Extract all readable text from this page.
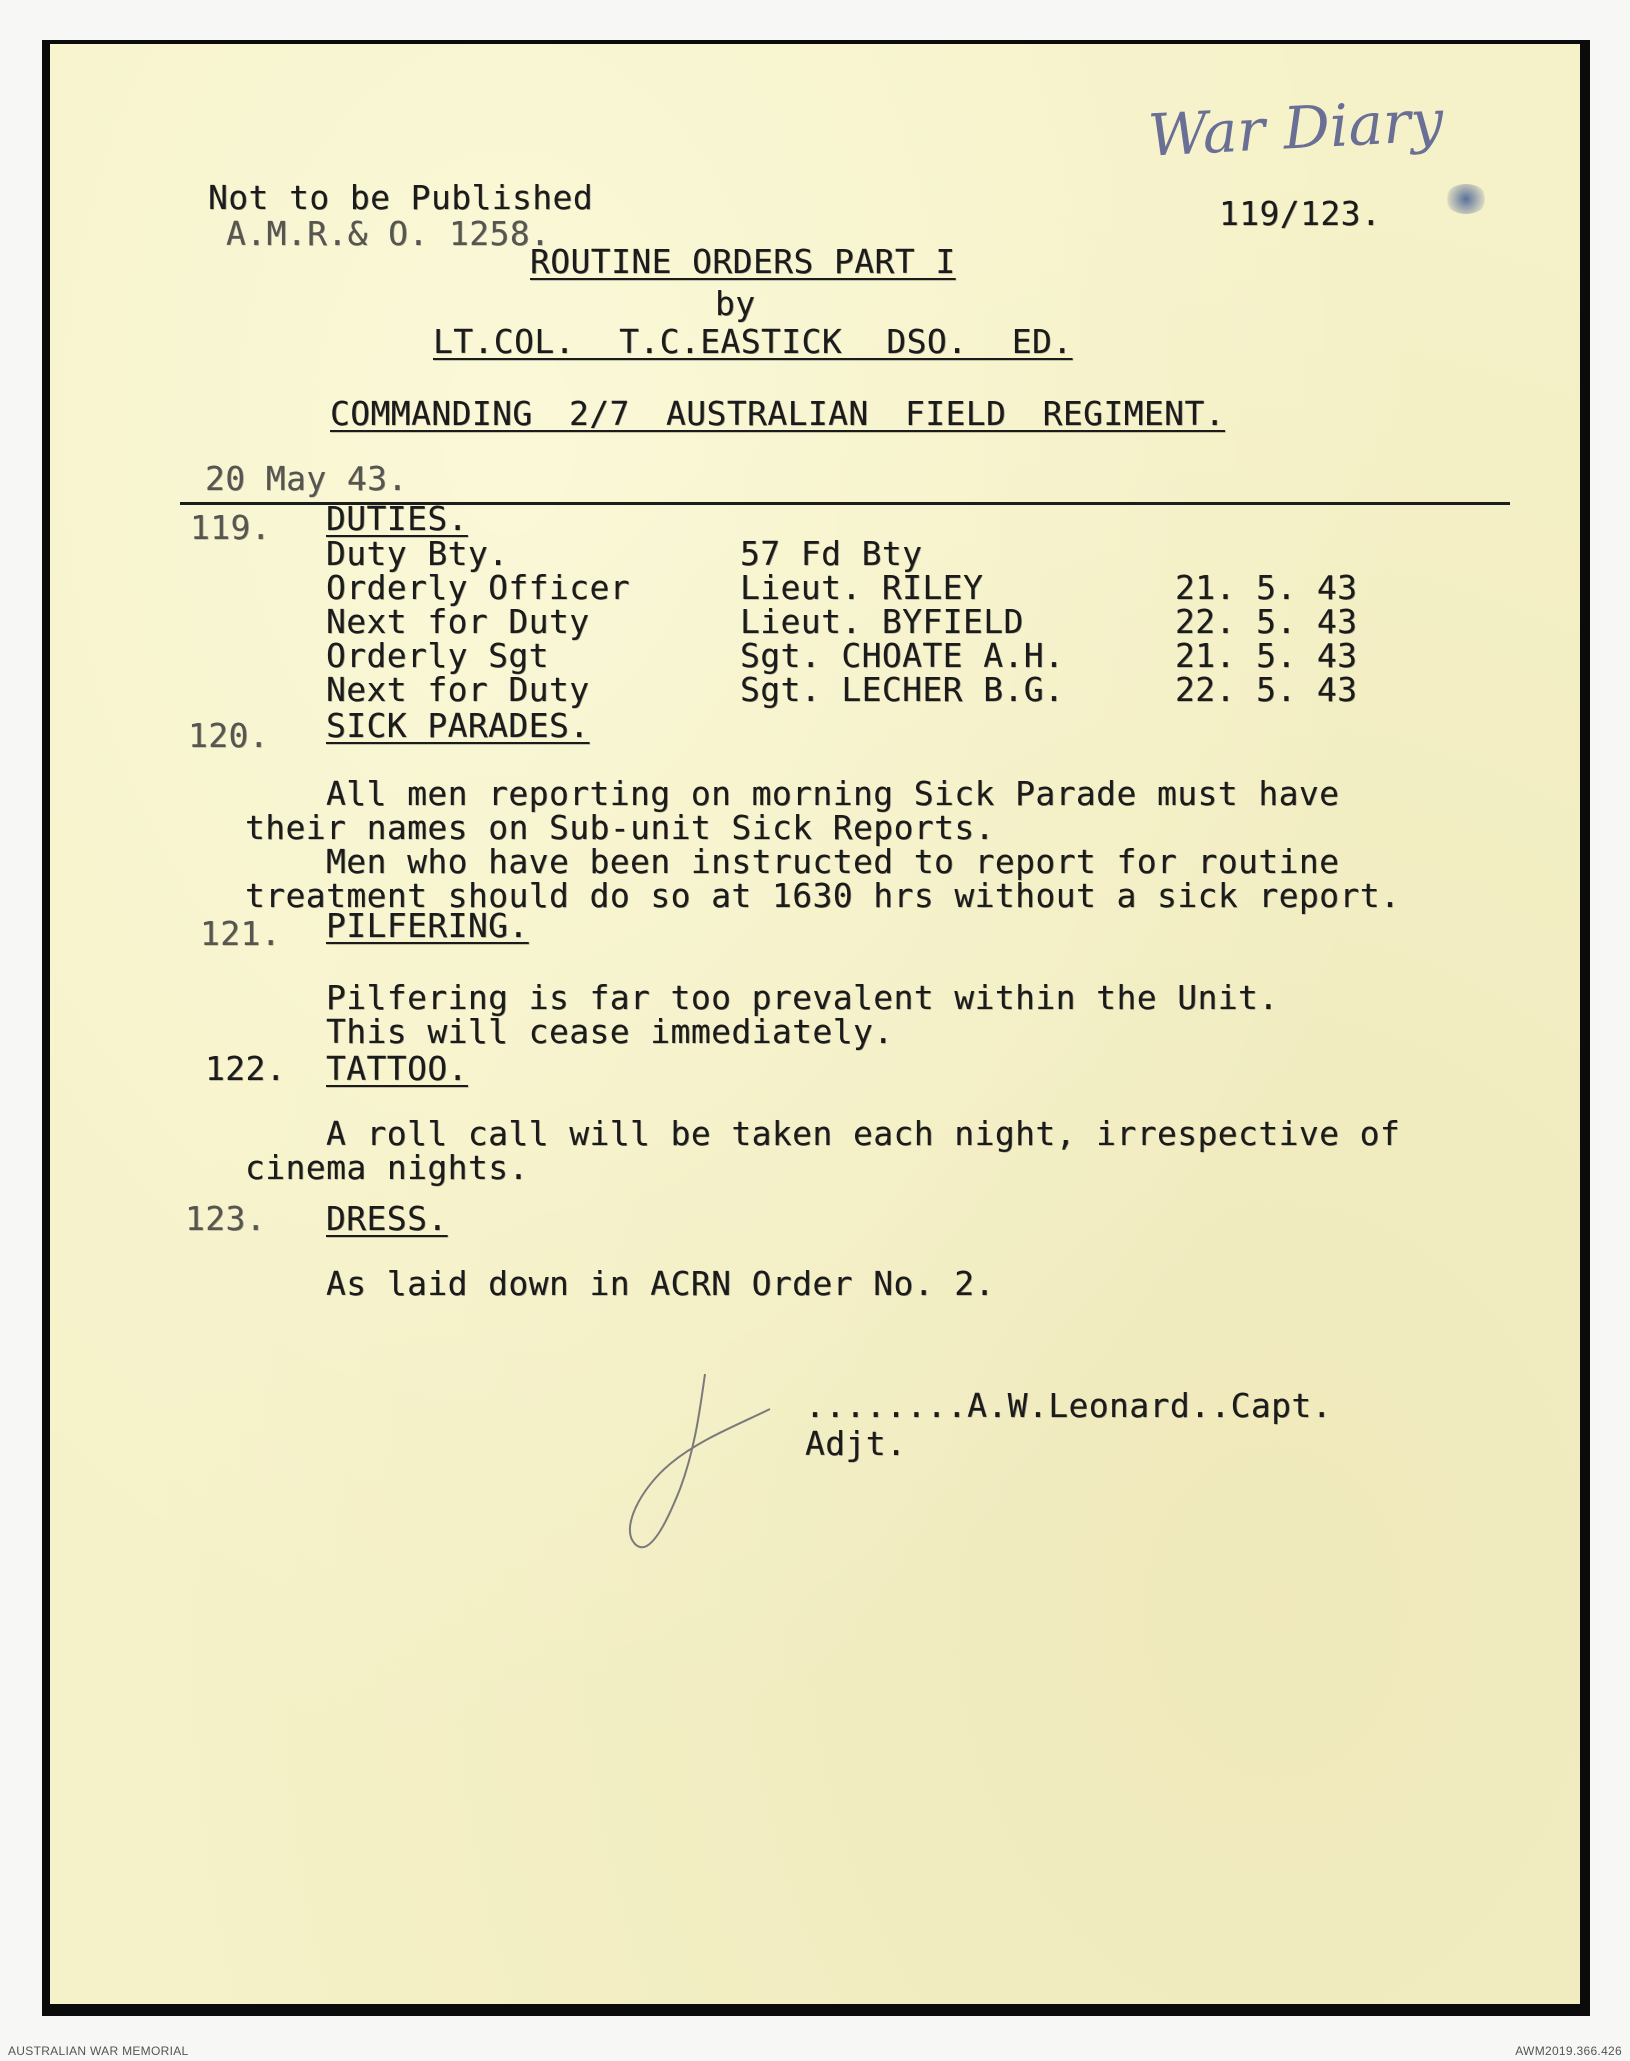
War Diary
Not to be Published
A.M.R.& O. 1258.
119/123.
ROUTINE ORDERS PART I
by
LT.COL. T.C.EASTICK DSO. ED.
COMMANDING 2/7 AUSTRALIAN FIELD REGIMENT.
20 May 43.
119. DUTIES.
Duty Bty.	57 Fd Bty
Orderly Officer	Lieut. RILEY	21. 5. 43
Next for Duty	Lieut. BYFIELD	22. 5. 43
Orderly Sgt	Sgt. CHOATE A.H.	21. 5. 43
Next for Duty	Sgt. LECHER B.G.	22. 5. 43
120. SICK PARADES.
All men reporting on morning Sick Parade must have
their names on Sub-unit Sick Reports.
Men who have been instructed to report for routine
treatment should do so at 1630 hrs without a sick report.
121. PILFERING.
Pilfering is far too prevalent within the Unit.
This will cease immediately.
122. TATTOO.
A roll call will be taken each night, irrespective of
cinema nights.
123. DRESS.
As laid down in ACRN Order No. 2.
........A.W.Leonard..Capt.
Adjt.
AUSTRALIAN WAR MEMORIAL	AWM2019.366.426
